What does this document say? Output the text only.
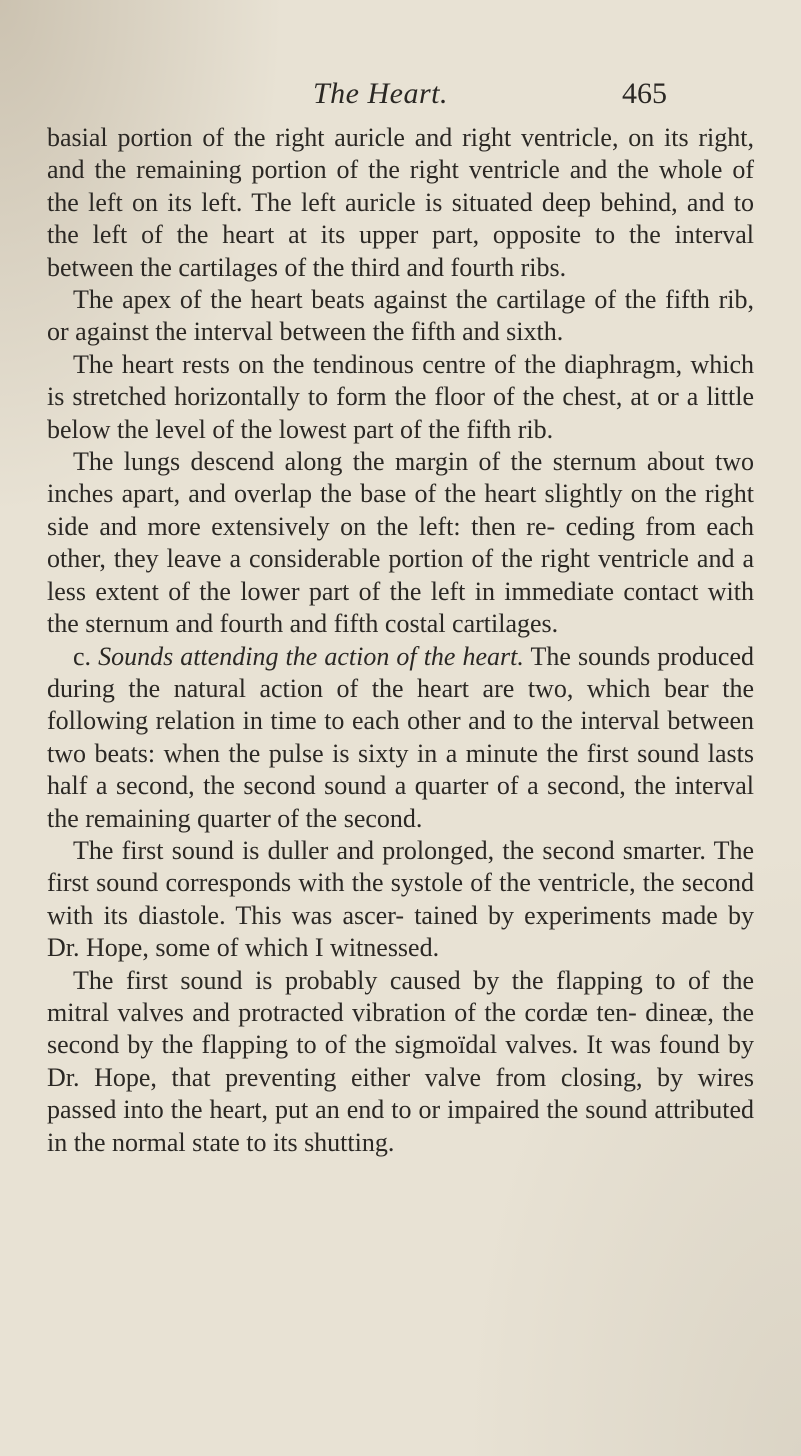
The Heart.	465

basial portion of the right auricle and right ventricle, on its right, and the remaining portion of the right ventricle and the whole of the left on its left. The left auricle is situated deep behind, and to the left of the heart at its upper part, opposite to the interval between the cartilages of the third and fourth ribs.

The apex of the heart beats against the cartilage of the fifth rib, or against the interval between the fifth and sixth.

The heart rests on the tendinous centre of the diaphragm, which is stretched horizontally to form the floor of the chest, at or a little below the level of the lowest part of the fifth rib.

The lungs descend along the margin of the sternum about two inches apart, and overlap the base of the heart slightly on the right side and more extensively on the left: then re- ceding from each other, they leave a considerable portion of the right ventricle and a less extent of the lower part of the left in immediate contact with the sternum and fourth and fifth costal cartilages.

c. Sounds attending the action of the heart. The sounds produced during the natural action of the heart are two, which bear the following relation in time to each other and to the interval between two beats: when the pulse is sixty in a minute the first sound lasts half a second, the second sound a quarter of a second, the interval the remaining quarter of the second.

The first sound is duller and prolonged, the second smarter. The first sound corresponds with the systole of the ventricle, the second with its diastole. This was ascer- tained by experiments made by Dr. Hope, some of which I witnessed.

The first sound is probably caused by the flapping to of the mitral valves and protracted vibration of the cordæ ten- dineæ, the second by the flapping to of the sigmoïdal valves. It was found by Dr. Hope, that preventing either valve from closing, by wires passed into the heart, put an end to or impaired the sound attributed in the normal state to its shutting.
